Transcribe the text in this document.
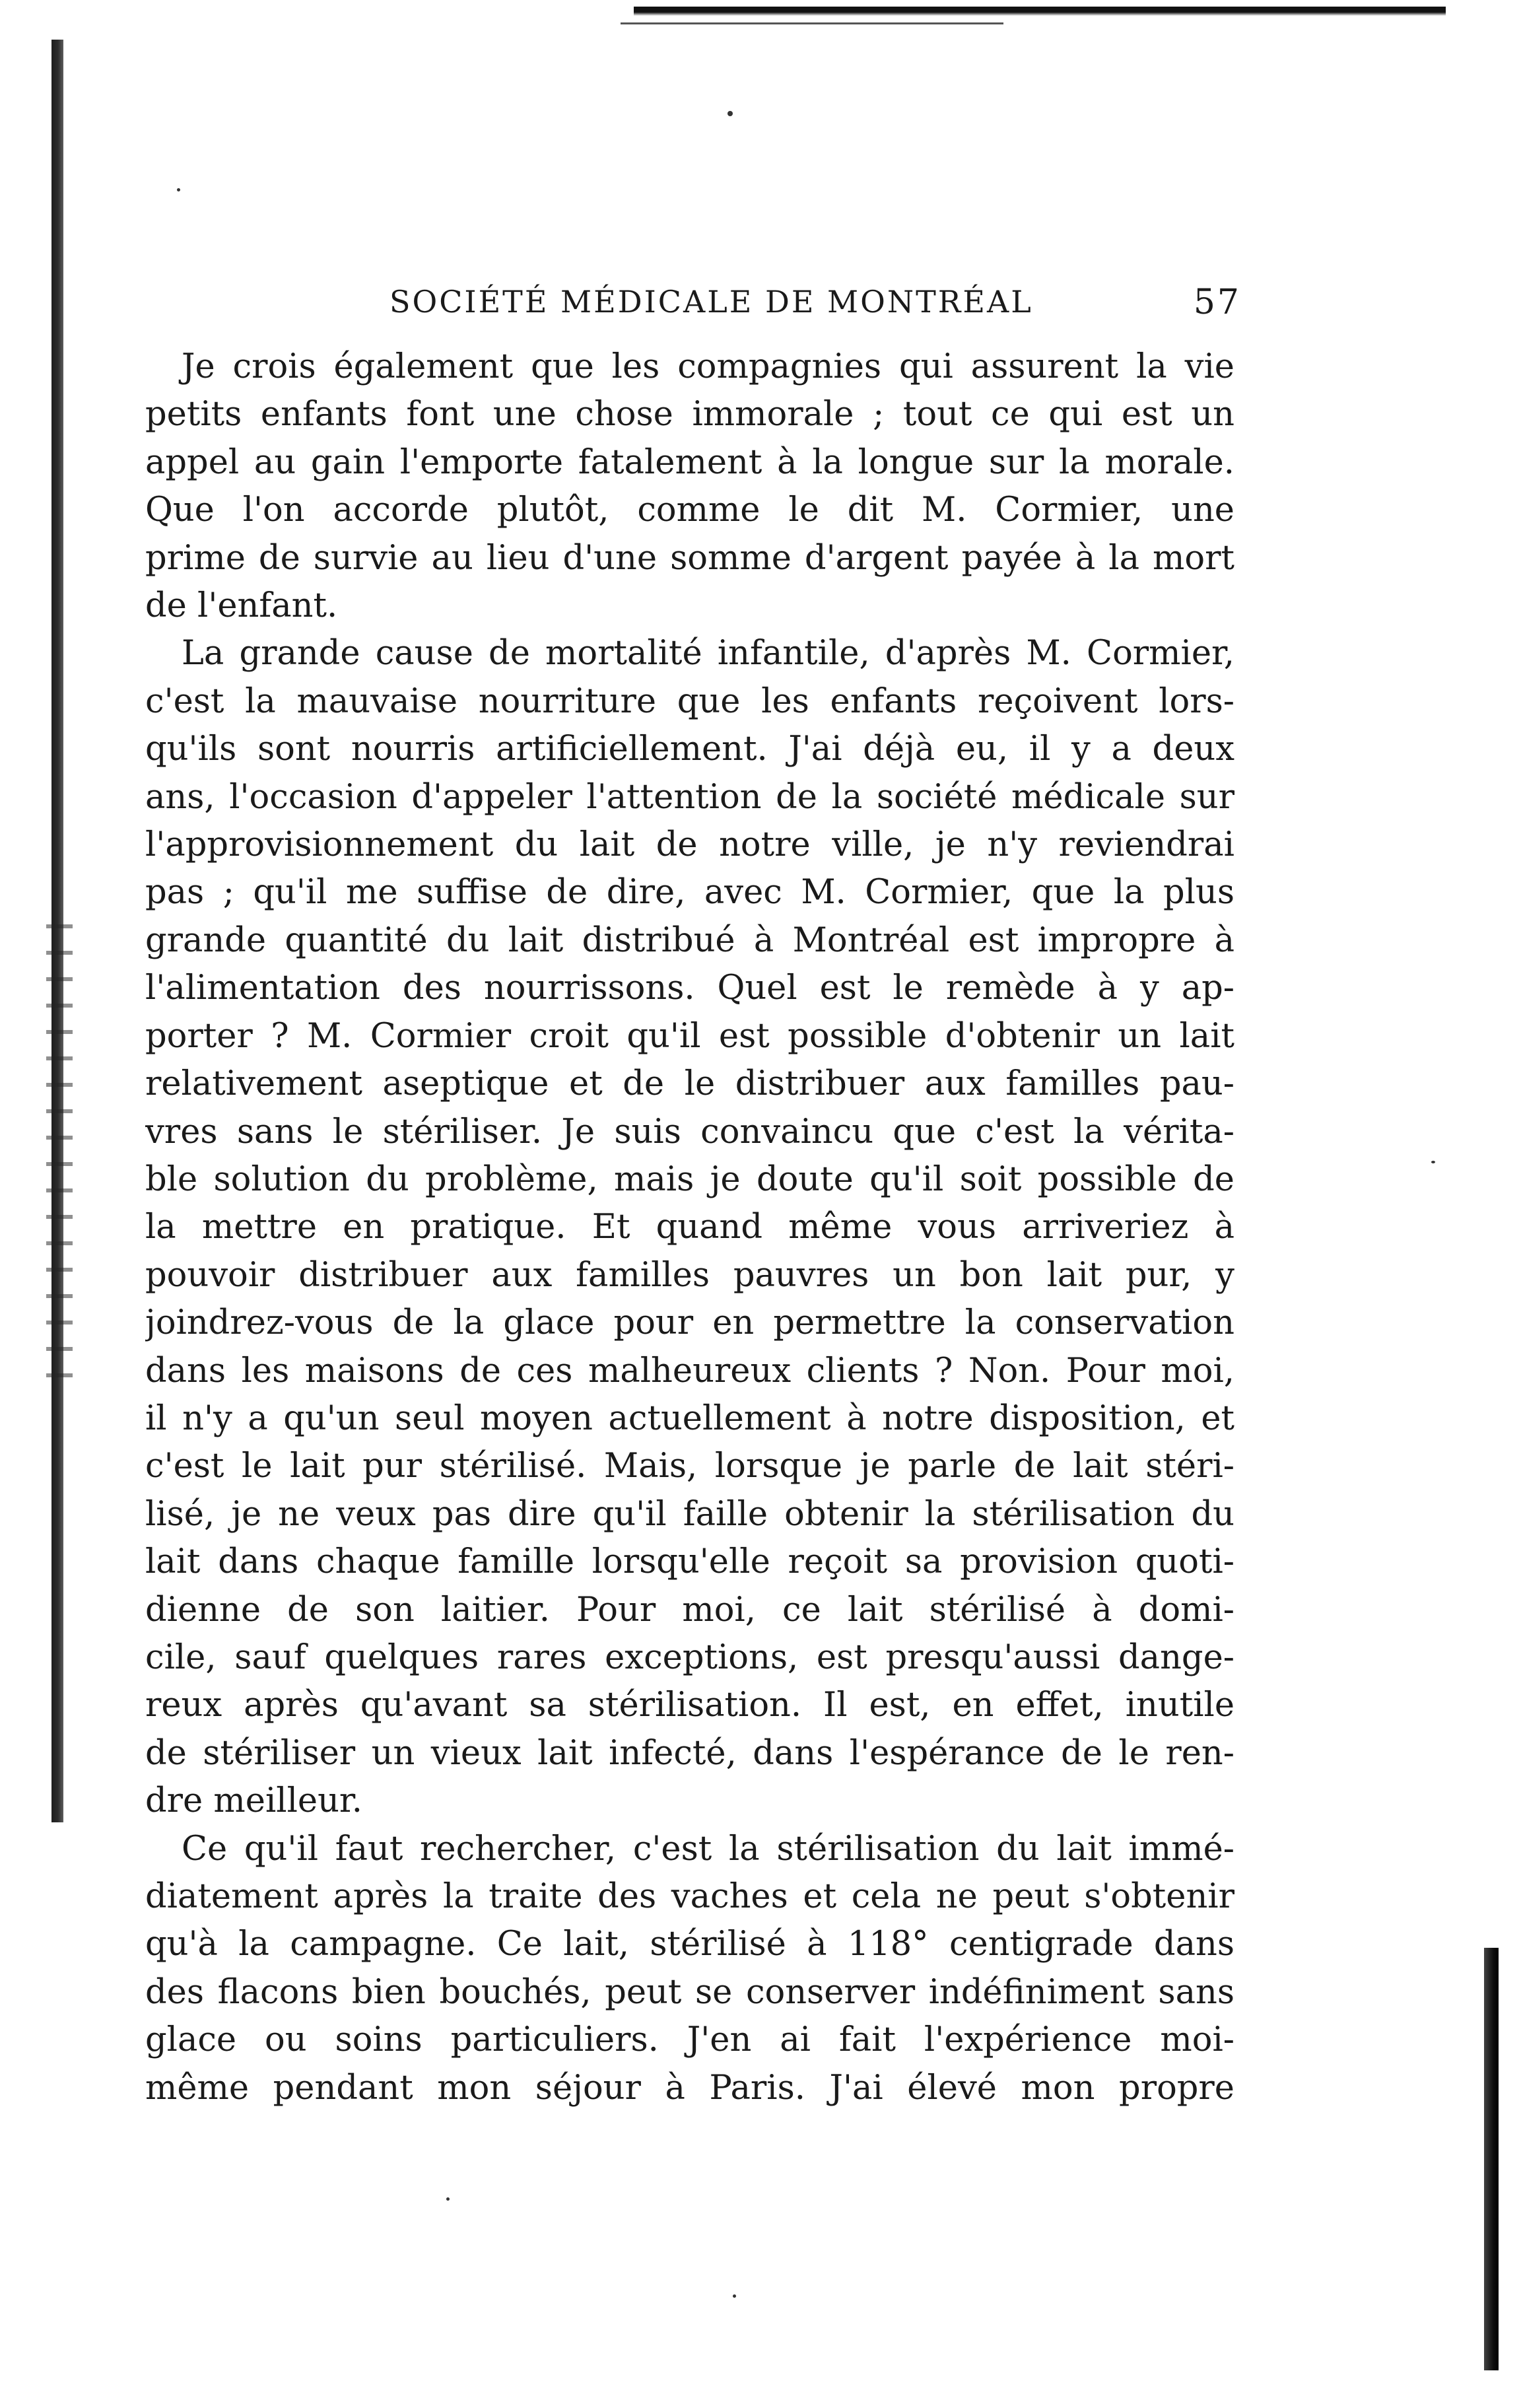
SOCIÉTÉ MÉDICALE DE MONTRÉAL	57
Je crois également que les compagnies qui assurent la vie
petits enfants font une chose immorale ; tout ce qui est un
appel au gain l'emporte fatalement à la longue sur la morale.
Que l'on accorde plutôt, comme le dit M. Cormier, une
prime de survie au lieu d'une somme d'argent payée à la mort
de l'enfant.
La grande cause de mortalité infantile, d'après M. Cormier,
c'est la mauvaise nourriture que les enfants reçoivent lors-
qu'ils sont nourris artificiellement. J'ai déjà eu, il y a deux
ans, l'occasion d'appeler l'attention de la société médicale sur
l'approvisionnement du lait de notre ville, je n'y reviendrai
pas ; qu'il me suffise de dire, avec M. Cormier, que la plus
grande quantité du lait distribué à Montréal est impropre à
l'alimentation des nourrissons. Quel est le remède à y ap-
porter ? M. Cormier croit qu'il est possible d'obtenir un lait
relativement aseptique et de le distribuer aux familles pau-
vres sans le stériliser. Je suis convaincu que c'est la vérita-
ble solution du problème, mais je doute qu'il soit possible de
la mettre en pratique. Et quand même vous arriveriez à
pouvoir distribuer aux familles pauvres un bon lait pur, y
joindrez-vous de la glace pour en permettre la conservation
dans les maisons de ces malheureux clients ? Non. Pour moi,
il n'y a qu'un seul moyen actuellement à notre disposition, et
c'est le lait pur stérilisé. Mais, lorsque je parle de lait stéri-
lisé, je ne veux pas dire qu'il faille obtenir la stérilisation du
lait dans chaque famille lorsqu'elle reçoit sa provision quoti-
dienne de son laitier. Pour moi, ce lait stérilisé à domi-
cile, sauf quelques rares exceptions, est presqu'aussi dange-
reux après qu'avant sa stérilisation. Il est, en effet, inutile
de stériliser un vieux lait infecté, dans l'espérance de le ren-
dre meilleur.
Ce qu'il faut rechercher, c'est la stérilisation du lait immé-
diatement après la traite des vaches et cela ne peut s'obtenir
qu'à la campagne. Ce lait, stérilisé à 118° centigrade dans
des flacons bien bouchés, peut se conserver indéfiniment sans
glace ou soins particuliers. J'en ai fait l'expérience moi-
même pendant mon séjour à Paris. J'ai élevé mon propre
